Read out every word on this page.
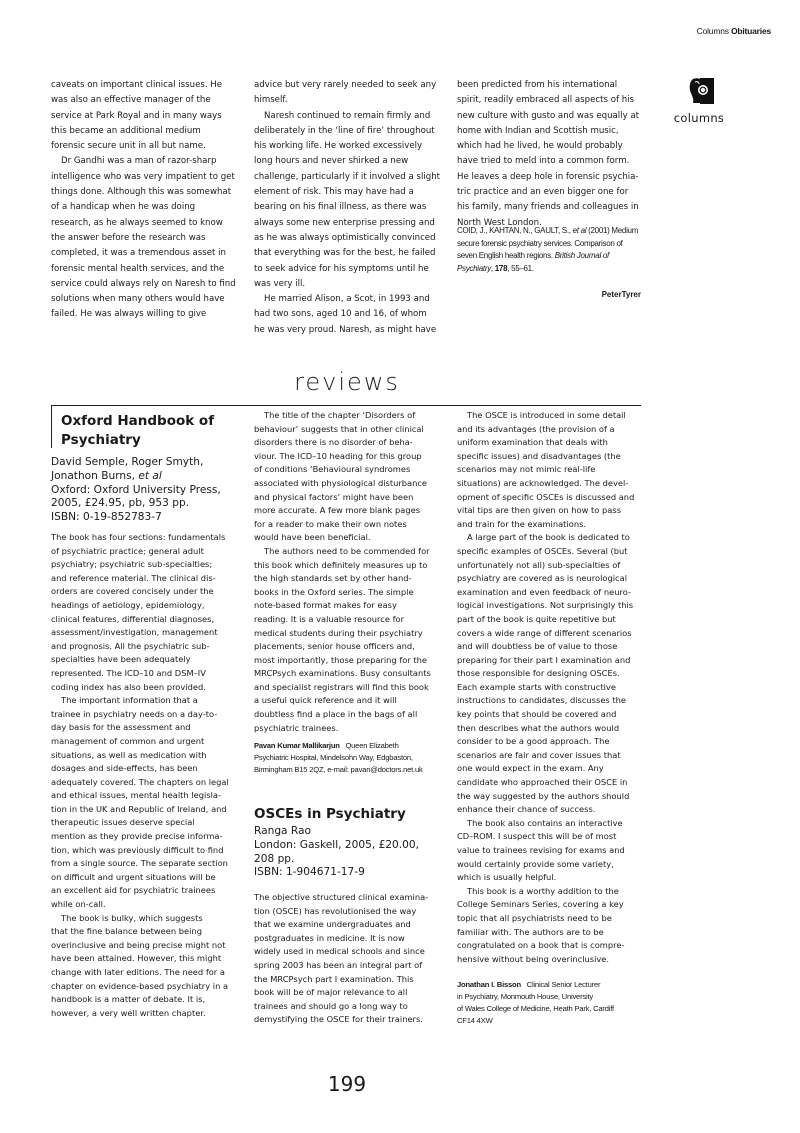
Columns Obituaries
columns
caveats on important clinical issues. He
was also an effective manager of the
service at Park Royal and in many ways
this became an additional medium
forensic secure unit in all but name.
Dr Gandhi was a man of razor-sharp
intelligence who was very impatient to get
things done. Although this was somewhat
of a handicap when he was doing
research, as he always seemed to know
the answer before the research was
completed, it was a tremendous asset in
forensic mental health services, and the
service could always rely on Naresh to find
solutions when many others would have
failed. He was always willing to give
advice but very rarely needed to seek any
himself.
Naresh continued to remain firmly and
deliberately in the ‘line of fire’ throughout
his working life. He worked excessively
long hours and never shirked a new
challenge, particularly if it involved a slight
element of risk. This may have had a
bearing on his final illness, as there was
always some new enterprise pressing and
as he was always optimistically convinced
that everything was for the best, he failed
to seek advice for his symptoms until he
was very ill.
He married Alison, a Scot, in 1993 and
had two sons, aged 10 and 16, of whom
he was very proud. Naresh, as might have
been predicted from his international
spirit, readily embraced all aspects of his
new culture with gusto and was equally at
home with Indian and Scottish music,
which had he lived, he would probably
have tried to meld into a common form.
He leaves a deep hole in forensic psychia-
tric practice and an even bigger one for
his family, many friends and colleagues in
North West London.
COID, J., KAHTAN, N., GAULT, S., et al (2001) Medium
secure forensic psychiatry services. Comparison of
seven English health regions. British Journal of
Psychiatry, 178, 55–61.
PeterTyrer
reviews
Oxford Handbook of
Psychiatry
David Semple, Roger Smyth,
Jonathon Burns, et al
Oxford: Oxford University Press,
2005, £24.95, pb, 953 pp.
ISBN: 0-19-852783-7
The book has four sections: fundamentals
of psychiatric practice; general adult
psychiatry; psychiatric sub-specialties;
and reference material. The clinical dis-
orders are covered concisely under the
headings of aetiology, epidemiology,
clinical features, differential diagnoses,
assessment/investigation, management
and prognosis. All the psychiatric sub-
specialties have been adequately
represented. The ICD–10 and DSM–IV
coding index has also been provided.
The important information that a
trainee in psychiatry needs on a day-to-
day basis for the assessment and
management of common and urgent
situations, as well as medication with
dosages and side-effects, has been
adequately covered. The chapters on legal
and ethical issues, mental health legisla-
tion in the UK and Republic of Ireland, and
therapeutic issues deserve special
mention as they provide precise informa-
tion, which was previously difficult to find
from a single source. The separate section
on difficult and urgent situations will be
an excellent aid for psychiatric trainees
while on-call.
The book is bulky, which suggests
that the fine balance between being
overinclusive and being precise might not
have been attained. However, this might
change with later editions. The need for a
chapter on evidence-based psychiatry in a
handbook is a matter of debate. It is,
however, a very well written chapter.
The title of the chapter ‘Disorders of
behaviour’ suggests that in other clinical
disorders there is no disorder of beha-
viour. The ICD–10 heading for this group
of conditions ‘Behavioural syndromes
associated with physiological disturbance
and physical factors’ might have been
more accurate. A few more blank pages
for a reader to make their own notes
would have been beneficial.
The authors need to be commended for
this book which definitely measures up to
the high standards set by other hand-
books in the Oxford series. The simple
note-based format makes for easy
reading. It is a valuable resource for
medical students during their psychiatry
placements, senior house officers and,
most importantly, those preparing for the
MRCPsych examinations. Busy consultants
and specialist registrars will find this book
a useful quick reference and it will
doubtless find a place in the bags of all
psychiatric trainees.
Pavan Kumar Mallikarjun Queen Elizabeth
Psychiatric Hospital, Mindelsohn Way, Edgbaston,
Birmingham B15 2QZ, e-mail: pavan@doctors.net.uk
OSCEs in Psychiatry
Ranga Rao
London: Gaskell, 2005, £20.00,
208 pp.
ISBN: 1-904671-17-9
The objective structured clinical examina-
tion (OSCE) has revolutionised the way
that we examine undergraduates and
postgraduates in medicine. It is now
widely used in medical schools and since
spring 2003 has been an integral part of
the MRCPsych part I examination. This
book will be of major relevance to all
trainees and should go a long way to
demystifying the OSCE for their trainers.
The OSCE is introduced in some detail
and its advantages (the provision of a
uniform examination that deals with
specific issues) and disadvantages (the
scenarios may not mimic real-life
situations) are acknowledged. The devel-
opment of specific OSCEs is discussed and
vital tips are then given on how to pass
and train for the examinations.
A large part of the book is dedicated to
specific examples of OSCEs. Several (but
unfortunately not all) sub-specialties of
psychiatry are covered as is neurological
examination and even feedback of neuro-
logical investigations. Not surprisingly this
part of the book is quite repetitive but
covers a wide range of different scenarios
and will doubtless be of value to those
preparing for their part I examination and
those responsible for designing OSCEs.
Each example starts with constructive
instructions to candidates, discusses the
key points that should be covered and
then describes what the authors would
consider to be a good approach. The
scenarios are fair and cover issues that
one would expect in the exam. Any
candidate who approached their OSCE in
the way suggested by the authors should
enhance their chance of success.
The book also contains an interactive
CD–ROM. I suspect this will be of most
value to trainees revising for exams and
would certainly provide some variety,
which is usually helpful.
This book is a worthy addition to the
College Seminars Series, covering a key
topic that all psychiatrists need to be
familiar with. The authors are to be
congratulated on a book that is compre-
hensive without being overinclusive.
Jonathan I. Bisson Clinical Senior Lecturer
in Psychiatry, Monmouth House, University
of Wales College of Medicine, Heath Park, Cardiff
CF14 4XW
199
